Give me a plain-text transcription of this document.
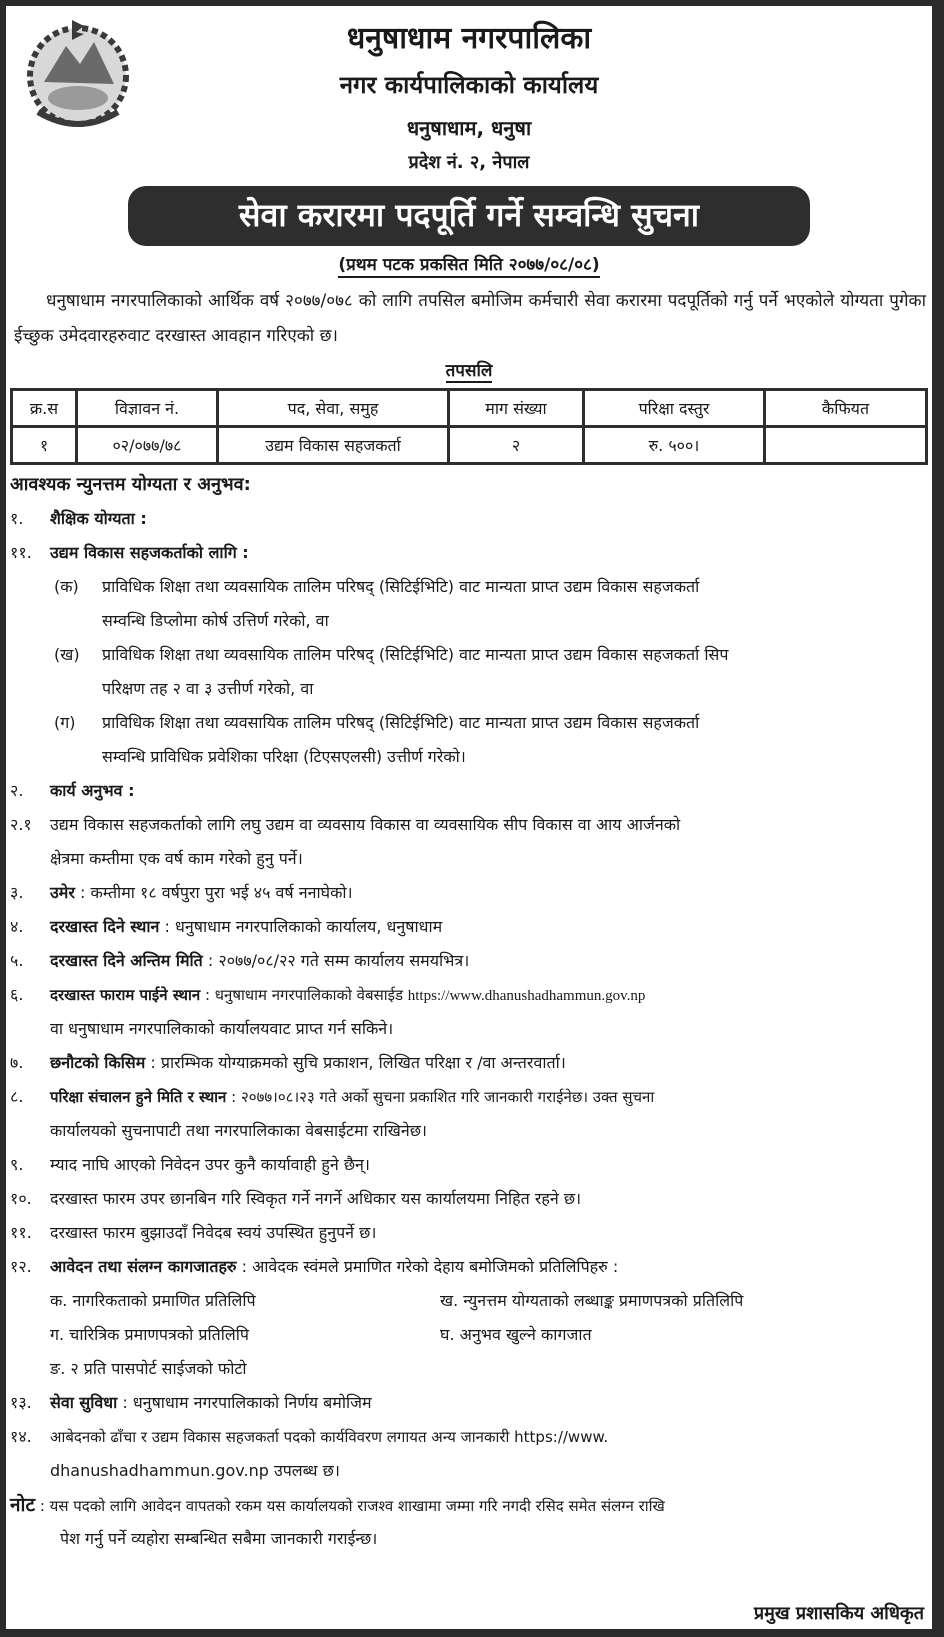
धनुषाधाम नगरपालिका
नगर कार्यपालिकाको कार्यालय
धनुषाधाम, धनुषा
प्रदेश नं. २, नेपाल
सेवा करारमा पदपूर्ति गर्ने सम्वन्धि सुचना
(प्रथम पटक प्रकसित मिति २०७७/०८/०८)
धनुषाधाम नगरपालिकाको आर्थिक वर्ष २०७७/०७८ को लागि तपसिल बमोजिम कर्मचारी सेवा करारमा पदपूर्तिको गर्नु पर्ने भएकोले योग्यता पुगेका ईच्छुक उमेदवारहरुवाट दरखास्त आवहान गरिएको छ।
तपसलि
क्र.स	विज्ञावन नं.	पद, सेवा, समुह	माग संख्या	परिक्षा दस्तुर	कैफियत
१	०२/०७७/७८	उद्यम विकास सहजकर्ता	२	रु. ५००।	
आवश्यक न्युनत्तम योग्यता र अनुभव:
१.	शैक्षिक योग्यता :
११.	उद्यम विकास सहजकर्ताको लागि :
(क)	प्राविधिक शिक्षा तथा व्यवसायिक तालिम परिषद् (सिटिईभिटि) वाट मान्यता प्राप्त उद्यम विकास सहजकर्ता
सम्वन्धि डिप्लोमा कोर्ष उत्तिर्ण गरेको, वा
(ख)	प्राविधिक शिक्षा तथा व्यवसायिक तालिम परिषद् (सिटिईभिटि) वाट मान्यता प्राप्त उद्यम विकास सहजकर्ता सिप
परिक्षण तह २ वा ३ उत्तीर्ण गरेको, वा
(ग)	प्राविधिक शिक्षा तथा व्यवसायिक तालिम परिषद् (सिटिईभिटि) वाट मान्यता प्राप्त उद्यम विकास सहजकर्ता
सम्वन्धि प्राविधिक प्रवेशिका परिक्षा (टिएसएलसी) उत्तीर्ण गरेको।
२.	कार्य अनुभव :
२.१	उद्यम विकास सहजकर्ताको लागि लघु उद्यम वा व्यवसाय विकास वा व्यवसायिक सीप विकास वा आय आर्जनको
क्षेत्रमा कम्तीमा एक वर्ष काम गरेको हुनु पर्ने।
३.	उमेर : कम्तीमा १८ वर्षपुरा पुरा भई ४५ वर्ष ननाघेको।
४.	दरखास्त दिने स्थान : धनुषाधाम नगरपालिकाको कार्यालय, धनुषाधाम
५.	दरखास्त दिने अन्तिम मिति : २०७७/०८/२२ गते सम्म कार्यालय समयभित्र।
६.	दरखास्त फाराम पाईने स्थान : धनुषाधाम नगरपालिकाको वेबसाईड https://www.dhanushadhammun.gov.np
वा धनुषाधाम नगरपालिकाको कार्यालयवाट प्राप्त गर्न सकिने।
७.	छनौटको किसिम : प्रारम्भिक योग्याक्रमको सुचि प्रकाशन, लिखित परिक्षा र /वा अन्तरवार्ता।
८.	परिक्षा संचालन हुने मिति र स्थान : २०७७।०८।२३ गते अर्को सुचना प्रकाशित गरि जानकारी गराईनेछ। उक्त सुचना
कार्यालयको सुचनापाटी तथा नगरपालिकाका वेबसाईटमा राखिनेछ।
९.	म्याद नाघि आएको निवेदन उपर कुनै कार्यावाही हुने छैन्।
१०.	दरखास्त फारम उपर छानबिन गरि स्विकृत गर्ने नगर्ने अधिकार यस कार्यालयमा निहित रहने छ।
११.	दरखास्त फारम बुझाउदाँ निवेदब स्वयं उपस्थित हुनुपर्ने छ।
१२.	आवेदन तथा संलग्न कागजातहरु : आवेदक स्वंमले प्रमाणित गरेको देहाय बमोजिमको प्रतिलिपिहरु :
क. नागरिकताको प्रमाणित प्रतिलिपि	ख. न्युनत्तम योग्यताको लब्धाङ्क प्रमाणपत्रको प्रतिलिपि
ग. चारित्रिक प्रमाणपत्रको प्रतिलिपि	घ. अनुभव खुल्ने कागजात
ङ. २ प्रति पासपोर्ट साईजको फोटो
१३.	सेवा सुविधा : धनुषाधाम नगरपालिकाको निर्णय बमोजिम
१४.	आबेदनको ढाँचा र उद्यम विकास सहजकर्ता पदको कार्यविवरण लगायत अन्य जानकारी https://www.
dhanushadhammun.gov.np उपलब्ध छ।
नोट : यस पदको लागि आवेदन वापतको रकम यस कार्यालयको राजश्व शाखामा जम्मा गरि नगदी रसिद समेत संलग्न राखि
पेश गर्नु पर्ने व्यहोरा सम्बन्धित सबैमा जानकारी गराईन्छ।
प्रमुख प्रशासकिय अधिकृत
